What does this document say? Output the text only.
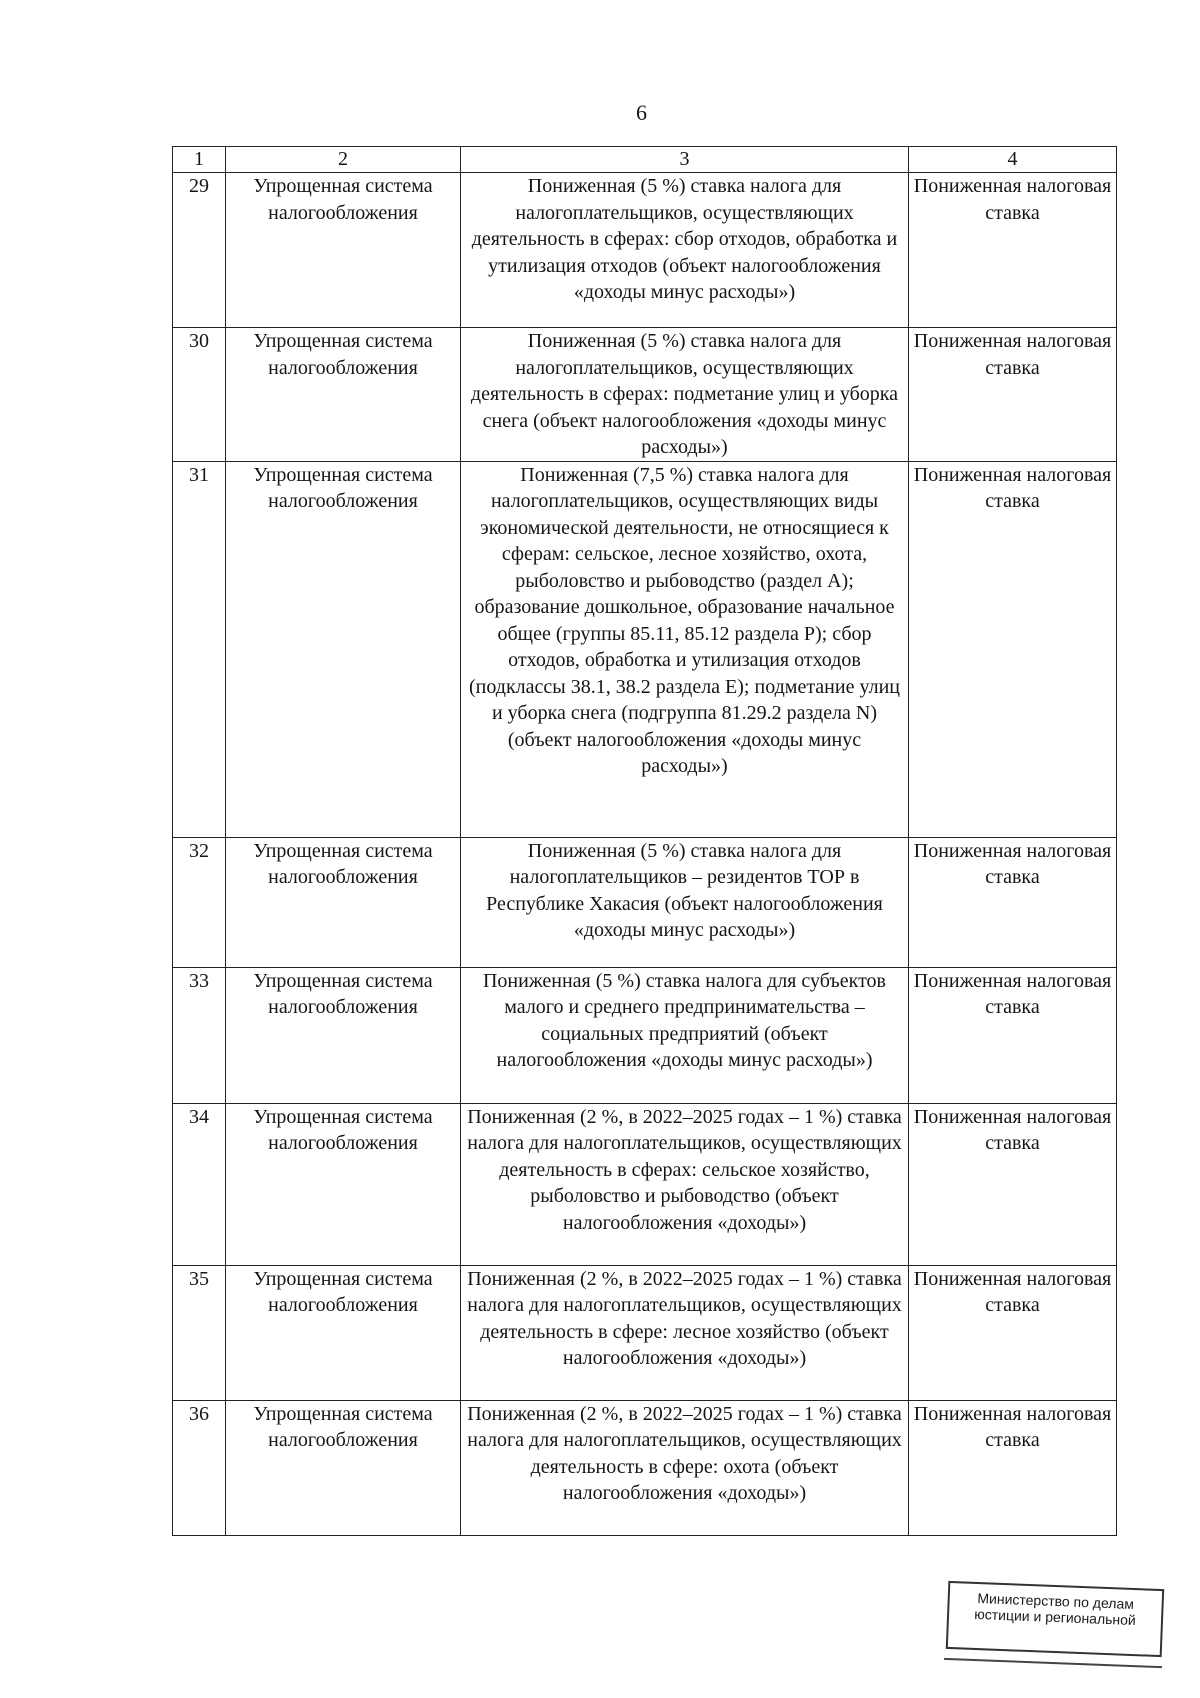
6
1	2	3	4
29	Упрощенная система налогообложения	Пониженная (5 %) ставка налога для налогоплательщиков, осуществляющих деятельность в сферах: сбор отходов, обработка и утилизация отходов (объект налогообложения «доходы минус расходы»)	Пониженная налоговая ставка
30	Упрощенная система налогообложения	Пониженная (5 %) ставка налога для налогоплательщиков, осуществляющих деятельность в сферах: подметание улиц и уборка снега (объект налогообложения «доходы минус расходы»)	Пониженная налоговая ставка
31	Упрощенная система налогообложения	Пониженная (7,5 %) ставка налога для налогоплательщиков, осуществляющих виды экономической деятельности, не относящиеся к сферам: сельское, лесное хозяйство, охота, рыболовство и рыбоводство (раздел А); образование дошкольное, образование начальное общее (группы 85.11, 85.12 раздела Р); сбор отходов, обработка и утилизация отходов (подклассы 38.1, 38.2 раздела Е); подметание улиц и уборка снега (подгруппа 81.29.2 раздела N) (объект налогообложения «доходы минус расходы»)	Пониженная налоговая ставка
32	Упрощенная система налогообложения	Пониженная (5 %) ставка налога для налогоплательщиков – резидентов ТОР в Республике Хакасия (объект налогообложения «доходы минус расходы»)	Пониженная налоговая ставка
33	Упрощенная система налогообложения	Пониженная (5 %) ставка налога для субъектов малого и среднего предпринимательства – социальных предприятий (объект налогообложения «доходы минус расходы»)	Пониженная налоговая ставка
34	Упрощенная система налогообложения	Пониженная (2 %, в 2022–2025 годах – 1 %) ставка налога для налогоплательщиков, осуществляющих деятельность в сферах: сельское хозяйство, рыболовство и рыбоводство (объект налогообложения «доходы»)	Пониженная налоговая ставка
35	Упрощенная система налогообложения	Пониженная (2 %, в 2022–2025 годах – 1 %) ставка налога для налогоплательщиков, осуществляющих деятельность в сфере: лесное хозяйство (объект налогообложения «доходы»)	Пониженная налоговая ставка
36	Упрощенная система налогообложения	Пониженная (2 %, в 2022–2025 годах – 1 %) ставка налога для налогоплательщиков, осуществляющих деятельность в сфере: охота (объект налогообложения «доходы»)	Пониженная налоговая ставка
Министерство по делам
юстиции и региональной
